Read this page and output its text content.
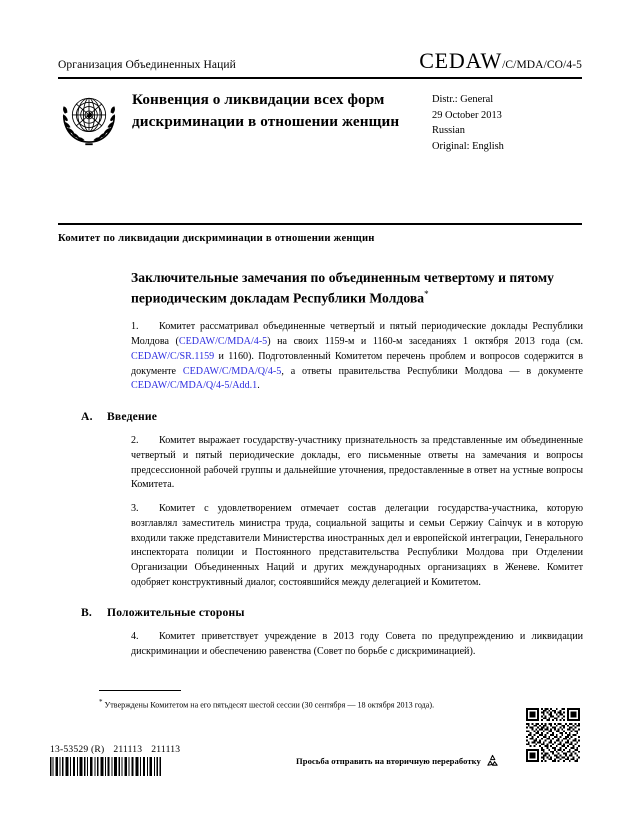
Организация Объединенных Наций	CEDAW /C/MDA/CO/4-5
Конвенция о ликвидации всех форм дискриминации в отношении женщин
Distr.: General
29 October 2013
Russian
Original: English
Комитет по ликвидации дискриминации в отношении женщин
Заключительные замечания по объединенным четвертому и пятому периодическим докладам Республики Молдова*

1. Комитет рассматривал объединенные четвертый и пятый периодические доклады Республики Молдова (CEDAW/C/MDA/4-5) на своих 1159-м и 1160-м заседаниях 1 октября 2013 года (см. CEDAW/C/SR.1159 и 1160). Подготовленный Комитетом перечень проблем и вопросов содержится в документе CEDAW/C/MDA/Q/4-5, а ответы правительства Республики Молдова — в документе CEDAW/C/MDA/Q/4-5/Add.1.

A. Введение

2. Комитет выражает государству-участнику признательность за представленные им объединенные четвертый и пятый периодические доклады, его письменные ответы на замечания и вопросы предсессионной рабочей группы и дальнейшие уточнения, предоставленные в ответ на устные вопросы Комитета.

3. Комитет с удовлетворением отмечает состав делегации государства-участника, которую возглавлял заместитель министра труда, социальной защиты и семьи Сержиу Сainчук и в которую входили также представители Министерства иностранных дел и европейской интеграции, Генерального инспектората полиции и Постоянного представительства Республики Молдова при Отделении Организации Объединенных Наций и других международных организациях в Женеве. Комитет одобряет конструктивный диалог, состоявшийся между делегацией и Комитетом.

B. Положительные стороны

4. Комитет приветствует учреждение в 2013 году Совета по предупреждению и ликвидации дискриминации и обеспечению равенства (Совет по борьбе с дискриминацией).

* Утверждены Комитетом на его пятьдесят шестой сессии (30 сентября — 18 октября 2013 года).

13-53529 (R) 211113 211113
Просьба отправить на вторичную переработку
